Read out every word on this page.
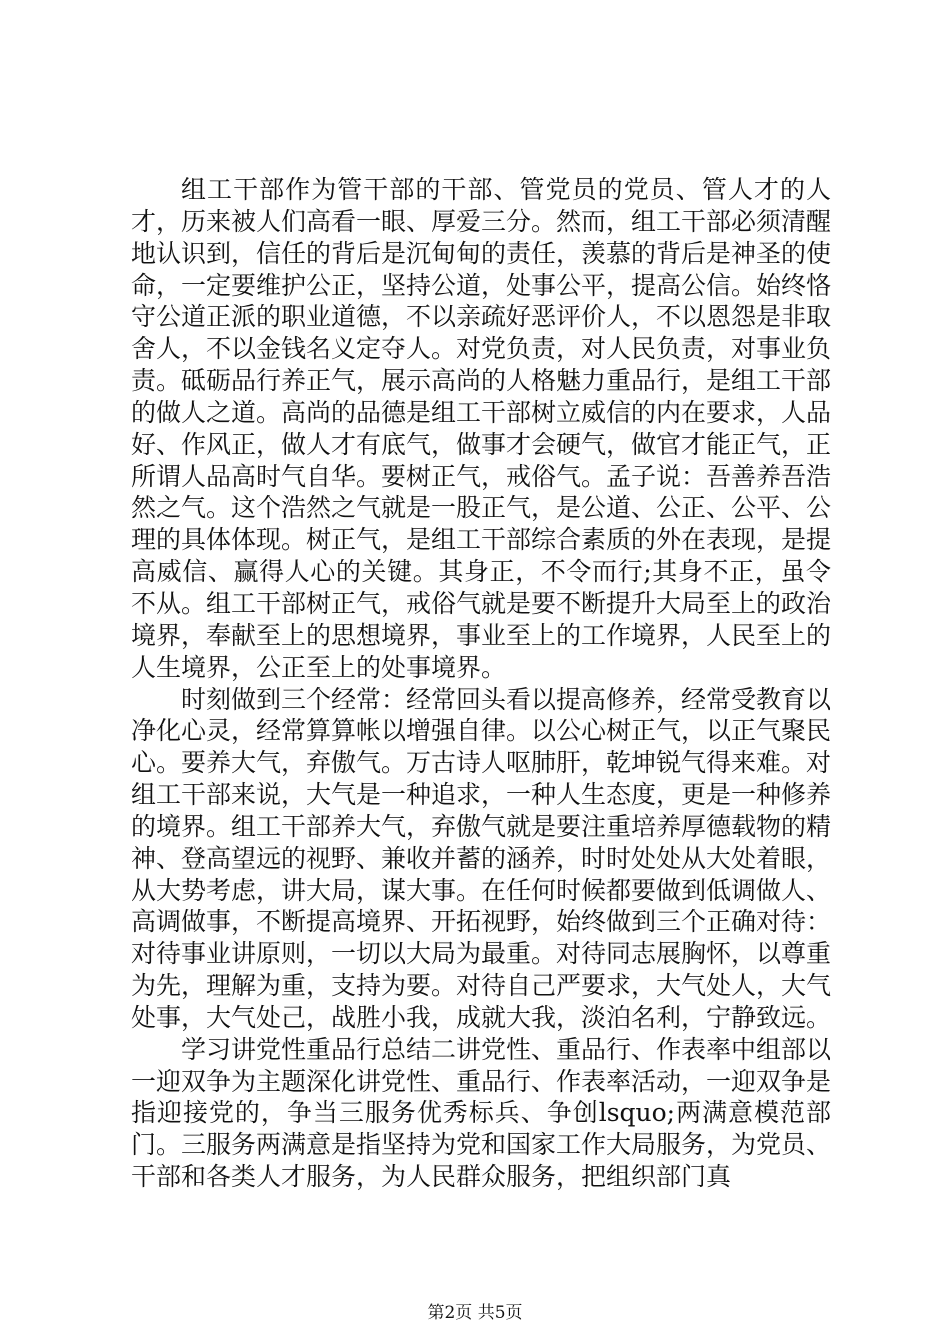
组工干部作为管干部的干部、管党员的党员、管人才的人才，历来被人们高看一眼、厚爱三分。然而，组工干部必须清醒地认识到，信任的背后是沉甸甸的责任，羡慕的背后是神圣的使命，一定要维护公正，坚持公道，处事公平，提高公信。始终恪守公道正派的职业道德，不以亲疏好恶评价人，不以恩怨是非取舍人，不以金钱名义定夺人。对党负责，对人民负责，对事业负责。砥砺品行养正气，展示高尚的人格魅力重品行，是组工干部的做人之道。高尚的品德是组工干部树立威信的内在要求，人品好、作风正，做人才有底气，做事才会硬气，做官才能正气，正所谓人品高时气自华。要树正气，戒俗气。孟子说：吾善养吾浩然之气。这个浩然之气就是一股正气，是公道、公正、公平、公理的具体体现。树正气，是组工干部综合素质的外在表现，是提高威信、赢得人心的关键。其身正，不令而行;其身不正，虽令不从。组工干部树正气，戒俗气就是要不断提升大局至上的政治境界，奉献至上的思想境界，事业至上的工作境界，人民至上的人生境界，公正至上的处事境界。

时刻做到三个经常：经常回头看以提高修养，经常受教育以净化心灵，经常算算帐以增强自律。以公心树正气，以正气聚民心。要养大气，弃傲气。万古诗人呕肺肝，乾坤锐气得来难。对组工干部来说，大气是一种追求，一种人生态度，更是一种修养的境界。组工干部养大气，弃傲气就是要注重培养厚德载物的精神、登高望远的视野、兼收并蓄的涵养，时时处处从大处着眼，从大势考虑，讲大局，谋大事。在任何时候都要做到低调做人、高调做事，不断提高境界、开拓视野，始终做到三个正确对待：对待事业讲原则，一切以大局为最重。对待同志展胸怀，以尊重为先，理解为重，支持为要。对待自己严要求，大气处人，大气处事，大气处己，战胜小我，成就大我，淡泊名利，宁静致远。

学习讲党性重品行总结二讲党性、重品行、作表率中组部以一迎双争为主题深化讲党性、重品行、作表率活动，一迎双争是指迎接党的，争当三服务优秀标兵、争创lsquo;两满意模范部门。三服务两满意是指坚持为党和国家工作大局服务，为党员、干部和各类人才服务，为人民群众服务，把组织部门真

第2页 共5页
